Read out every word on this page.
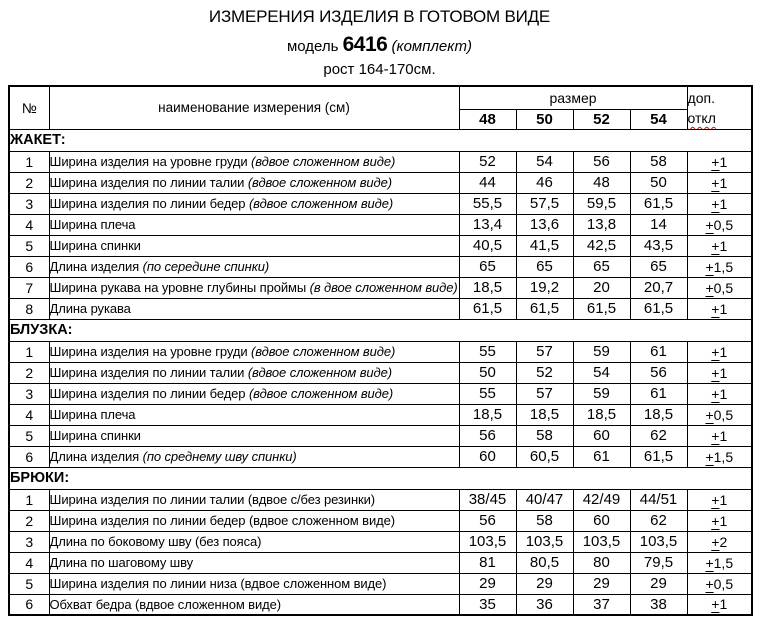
ИЗМЕРЕНИЯ ИЗДЕЛИЯ В ГОТОВОМ ВИДЕ
модель 6416 (комплект)
рост 164-170см.
№	наименование измерения (см)	размер				доп.
откл

		48	50	52	54	
ЖАКЕТ:						
1	Ширина изделия на уровне груди (вдвое сложенном виде)	52	54	56	58	+1
2	Ширина изделия по линии талии (вдвое сложенном виде)	44	46	48	50	+1
3	Ширина изделия по линии бедер (вдвое сложенном виде)	55,5	57,5	59,5	61,5	+1
4	Ширина плеча	13,4	13,6	13,8	14	+0,5
5	Ширина спинки	40,5	41,5	42,5	43,5	+1
6	Длина изделия (по середине спинки)	65	65	65	65	+1,5
7	Ширина рукава на уровне глубины проймы (в двое сложенном виде)	18,5	19,2	20	20,7	+0,5
8	Длина рукава	61,5	61,5	61,5	61,5	+1
БЛУЗКА:						
1	Ширина изделия на уровне груди (вдвое сложенном виде)	55	57	59	61	+1
2	Ширина изделия по линии талии (вдвое сложенном виде)	50	52	54	56	+1
3	Ширина изделия по линии бедер (вдвое сложенном виде)	55	57	59	61	+1
4	Ширина плеча	18,5	18,5	18,5	18,5	+0,5
5	Ширина спинки	56	58	60	62	+1
6	Длина изделия (по среднему шву спинки)	60	60,5	61	61,5	+1,5
БРЮКИ:						
1	Ширина изделия по линии талии (вдвое с/без резинки)	38/45	40/47	42/49	44/51	+1
2	Ширина изделия по линии бедер (вдвое сложенном виде)	56	58	60	62	+1
3	Длина по боковому шву (без пояса)	103,5	103,5	103,5	103,5	+2
4	Длина по шаговому шву	81	80,5	80	79,5	+1,5
5	Ширина изделия по линии низа (вдвое сложенном виде)	29	29	29	29	+0,5
6	Обхват бедра (вдвое сложенном виде)	35	36	37	38	+1
